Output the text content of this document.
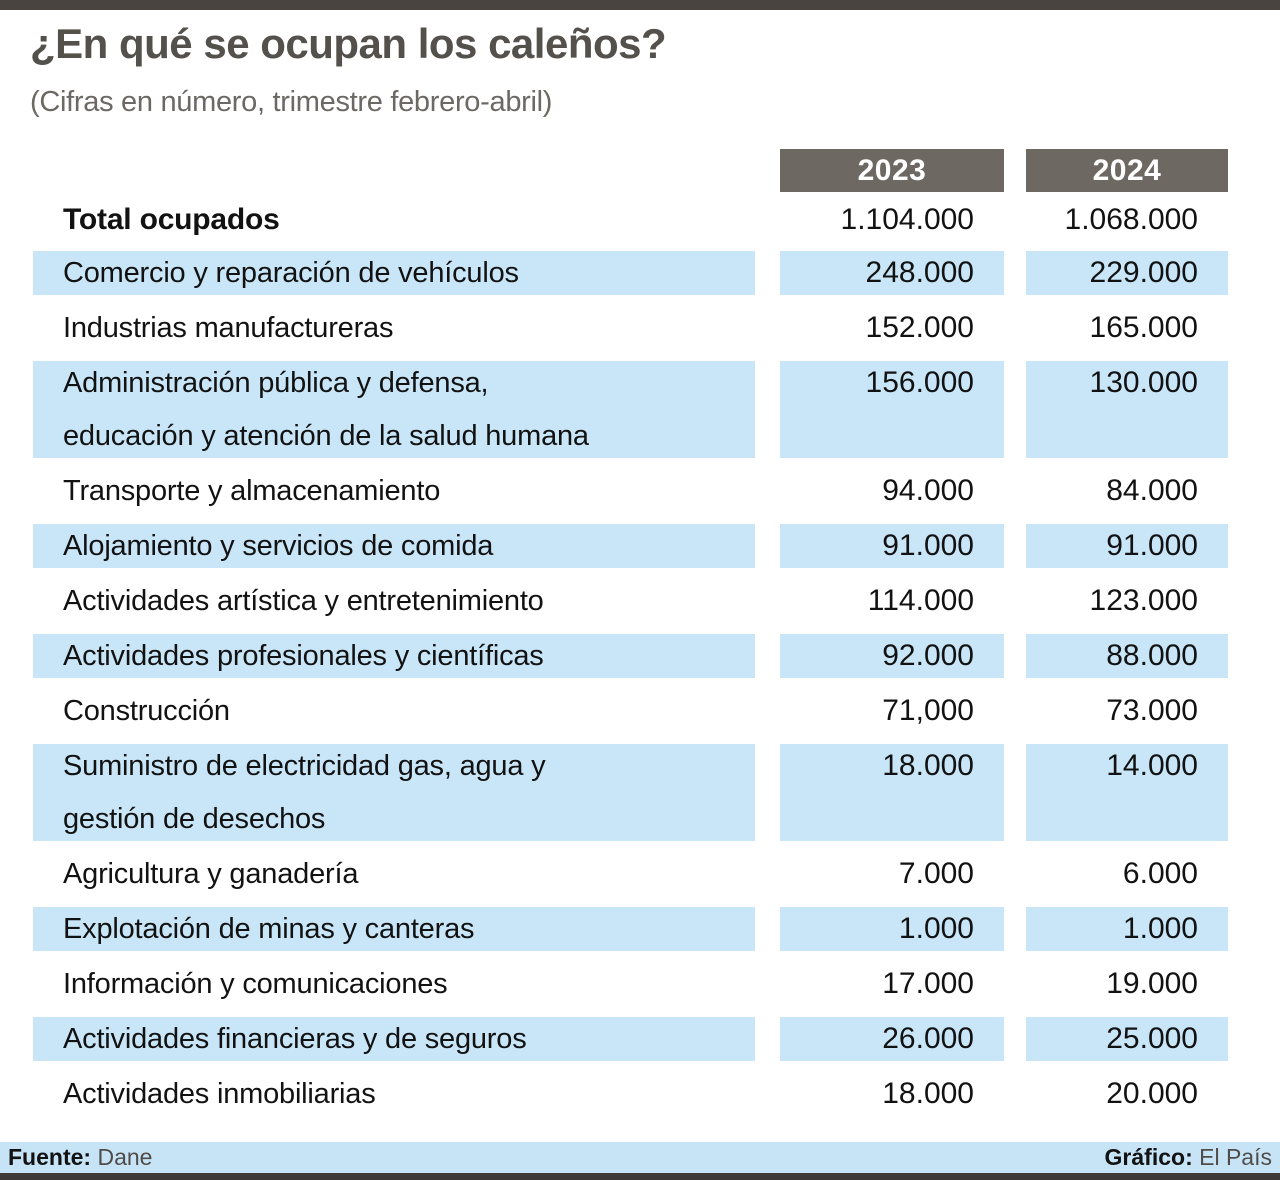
¿En qué se ocupan los caleños?
(Cifras en número, trimestre febrero-abril)
2023	2024
Total ocupados	1.104.000	1.068.000
Comercio y reparación de vehículos	248.000	229.000
Industrias manufactureras	152.000	165.000
Administración pública y defensa,
educación y atención de la salud humana
156.000	130.000
Transporte y almacenamiento	94.000	84.000
Alojamiento y servicios de comida	91.000	91.000
Actividades artística y entretenimiento	114.000	123.000
Actividades profesionales y científicas	92.000	88.000
Construcción	71,000	73.000
Suministro de electricidad gas, agua y
gestión de desechos
18.000	14.000
Agricultura y ganadería	7.000	6.000
Explotación de minas y canteras	1.000	1.000
Información y comunicaciones	17.000	19.000
Actividades financieras y de seguros	26.000	25.000
Actividades inmobiliarias	18.000	20.000
Fuente: Dane	Gráfico: El País
